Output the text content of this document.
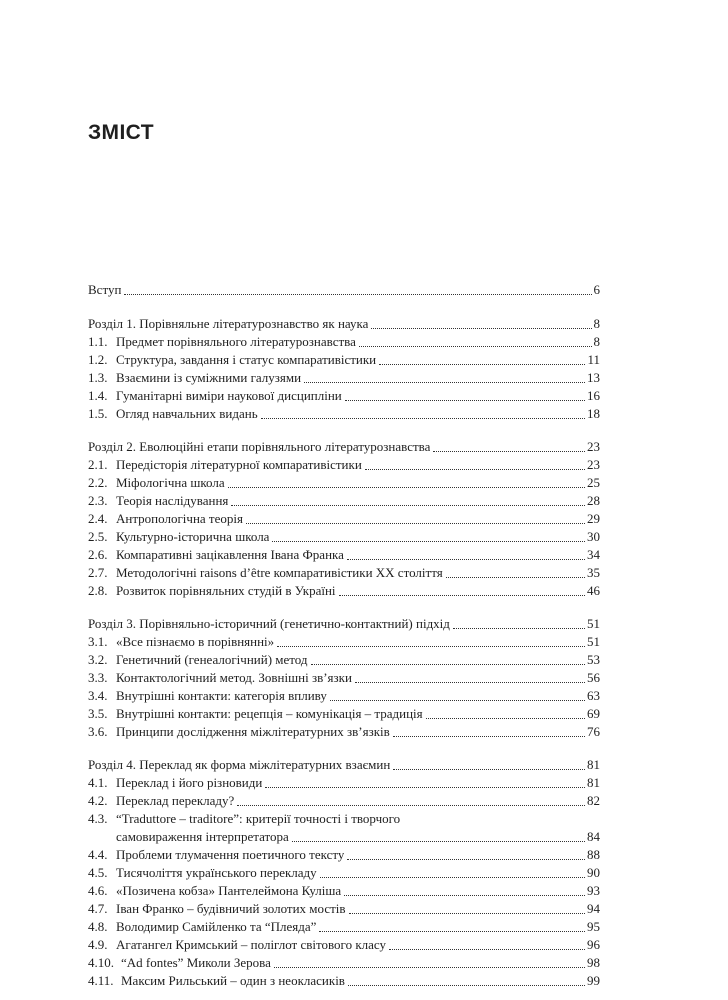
ЗМІСТ
Вступ	6
Розділ 1. Порівняльне літературознавство як наука	8
1.1. Предмет порівняльного літературознавства	8
1.2. Структура, завдання і статус компаративістики	11
1.3. Взаємини із суміжними галузями	13
1.4. Гуманітарні виміри наукової дисципліни	16
1.5. Огляд навчальних видань	18
Розділ 2. Еволюційні етапи порівняльного літературознавства	23
2.1. Передісторія літературної компаративістики	23
2.2. Міфологічна школа	25
2.3. Теорія наслідування	28
2.4. Антропологічна теорія	29
2.5. Культурно-історична школа	30
2.6. Компаративні зацікавлення Івана Франка	34
2.7. Методологічні raisons d’être компаративістики ХХ століття	35
2.8. Розвиток порівняльних студій в Україні	46
Розділ 3. Порівняльно-історичний (генетично-контактний) підхід	51
3.1. «Все пізнаємо в порівнянні»	51
3.2. Генетичний (генеалогічний) метод	53
3.3. Контактологічний метод. Зовнішні зв’язки	56
3.4. Внутрішні контакти: категорія впливу	63
3.5. Внутрішні контакти: рецепція – комунікація – традиція	69
3.6. Принципи дослідження міжлітературних зв’язків	76
Розділ 4. Переклад як форма міжлітературних взаємин	81
4.1. Переклад і його різновиди	81
4.2. Переклад перекладу?	82
4.3. “Traduttore – traditore”: критерії точності і творчого
самовираження інтерпретатора	84
4.4. Проблеми тлумачення поетичного тексту	88
4.5. Тисячоліття українського перекладу	90
4.6. «Позичена кобза» Пантелеймона Куліша	93
4.7. Іван Франко – будівничий золотих мостів	94
4.8. Володимир Самійленко та “Плеяда”	95
4.9. Агатангел Кримський – поліглот світового класу	96
4.10. “Ad fontes” Миколи Зерова	98
4.11. Максим Рильський – один з неокласиків	99
